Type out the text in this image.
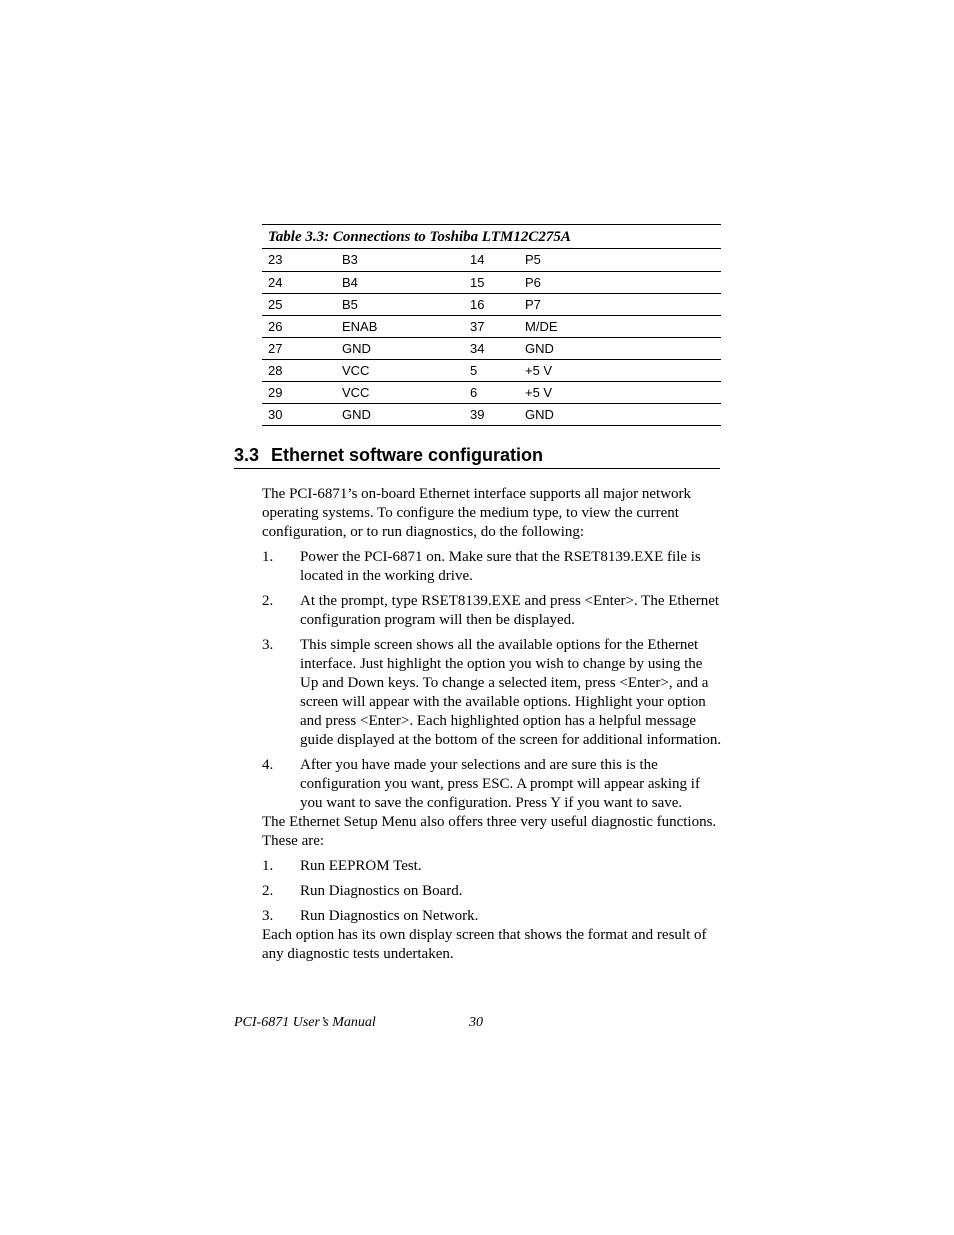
Table 3.3: Connections to Toshiba LTM12C275A
23	B3	14	P5
24	B4	15	P6
25	B5	16	P7
26	ENAB	37	M/DE
27	GND	34	GND
28	VCC	5	+5 V
29	VCC	6	+5 V
30	GND	39	GND
3.3 Ethernet software configuration

The PCI-6871’s on-board Ethernet interface supports all major network operating systems. To configure the medium type, to view the current configuration, or to run diagnostics, do the following:

1. Power the PCI-6871 on. Make sure that the RSET8139.EXE file is located in the working drive.
2. At the prompt, type RSET8139.EXE and press <Enter>. The Ethernet configuration program will then be displayed.
3. This simple screen shows all the available options for the Ethernet interface. Just highlight the option you wish to change by using the Up and Down keys. To change a selected item, press <Enter>, and a screen will appear with the available options. Highlight your option and press <Enter>. Each highlighted option has a helpful message guide displayed at the bottom of the screen for additional information.
4. After you have made your selections and are sure this is the configuration you want, press ESC. A prompt will appear asking if you want to save the configuration. Press Y if you want to save.

The Ethernet Setup Menu also offers three very useful diagnostic functions. These are:

1. Run EEPROM Test.
2. Run Diagnostics on Board.
3. Run Diagnostics on Network.

Each option has its own display screen that shows the format and result of any diagnostic tests undertaken.

PCI-6871 User’s Manual	30
